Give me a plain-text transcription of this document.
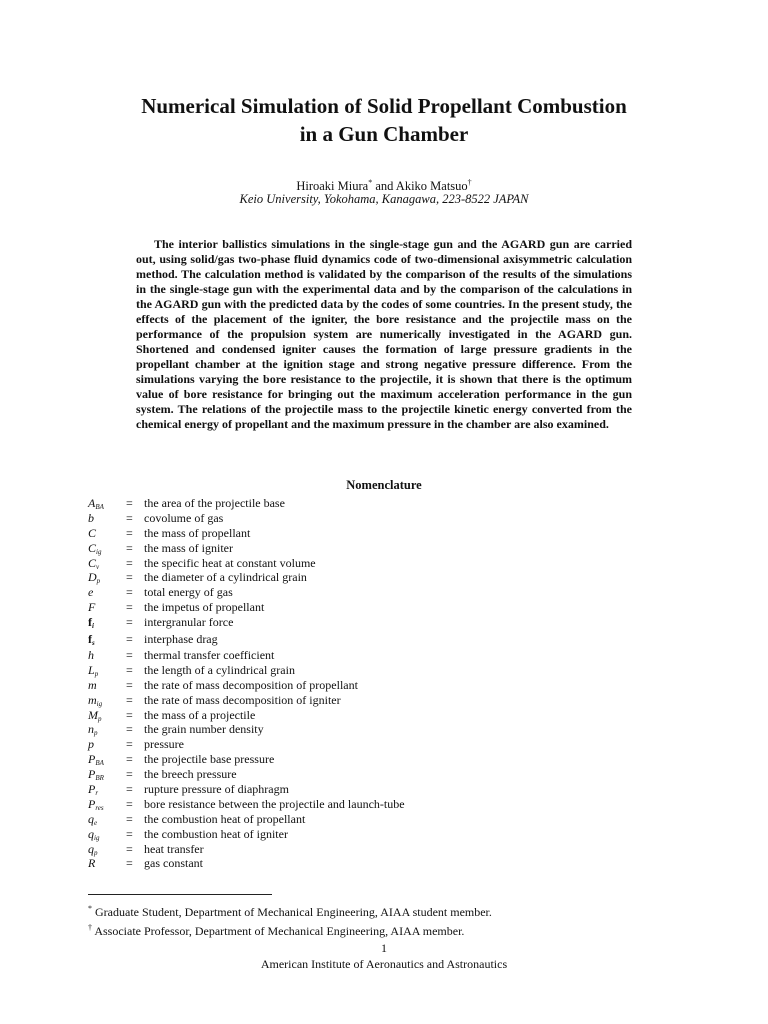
Numerical Simulation of Solid Propellant Combustion
in a Gun Chamber
Hiroaki Miura* and Akiko Matsuo†
Keio University, Yokohama, Kanagawa, 223-8522 JAPAN

The interior ballistics simulations in the single-stage gun and the AGARD gun are carried out, using solid/gas two-phase fluid dynamics code of two-dimensional axisymmetric calculation method. The calculation method is validated by the comparison of the results of the simulations in the single-stage gun with the experimental data and by the comparison of the calculations in the AGARD gun with the predicted data by the codes of some countries. In the present study, the effects of the placement of the igniter, the bore resistance and the projectile mass on the performance of the propulsion system are numerically investigated in the AGARD gun. Shortened and condensed igniter causes the formation of large pressure gradients in the propellant chamber at the ignition stage and strong negative pressure difference. From the simulations varying the bore resistance to the projectile, it is shown that there is the optimum value of bore resistance for bringing out the maximum acceleration performance in the gun system. The relations of the projectile mass to the projectile kinetic energy converted from the chemical energy of propellant and the maximum pressure in the chamber are also examined.

Nomenclature
$A_{BA}$ = the area of the projectile base
b	= covolume of gas
C = the mass of propellant
$C_{ig}$ = the mass of igniter
$C_v$ = the specific heat at constant volume
$D_p$ = the diameter of a cylindrical grain
e	= total energy of gas
F	= the impetus of propellant
$f_i$	= intergranular force
$f_s$	= interphase drag
h	= thermal transfer coefficient
$L_p$ = the length of a cylindrical grain
m = the rate of mass decomposition of propellant
$m_{ig}$ = the rate of mass decomposition of igniter
$M_p$ = the mass of a projectile
$n_p$ = the grain number density
p	= pressure
$P_{BA}$ = the projectile base pressure
$P_{BR}$ = the breech pressure
$P_r$ = rupture pressure of diaphragm
$P_{res}$ = bore resistance between the projectile and launch-tube
$q_e$ = the combustion heat of propellant
$q_{ig}$ = the combustion heat of igniter
$q_p$ = heat transfer
R	= gas constant
* Graduate Student, Department of Mechanical Engineering, AIAA student member.
† Associate Professor, Department of Mechanical Engineering, AIAA member.
1
American Institute of Aeronautics and Astronautics
